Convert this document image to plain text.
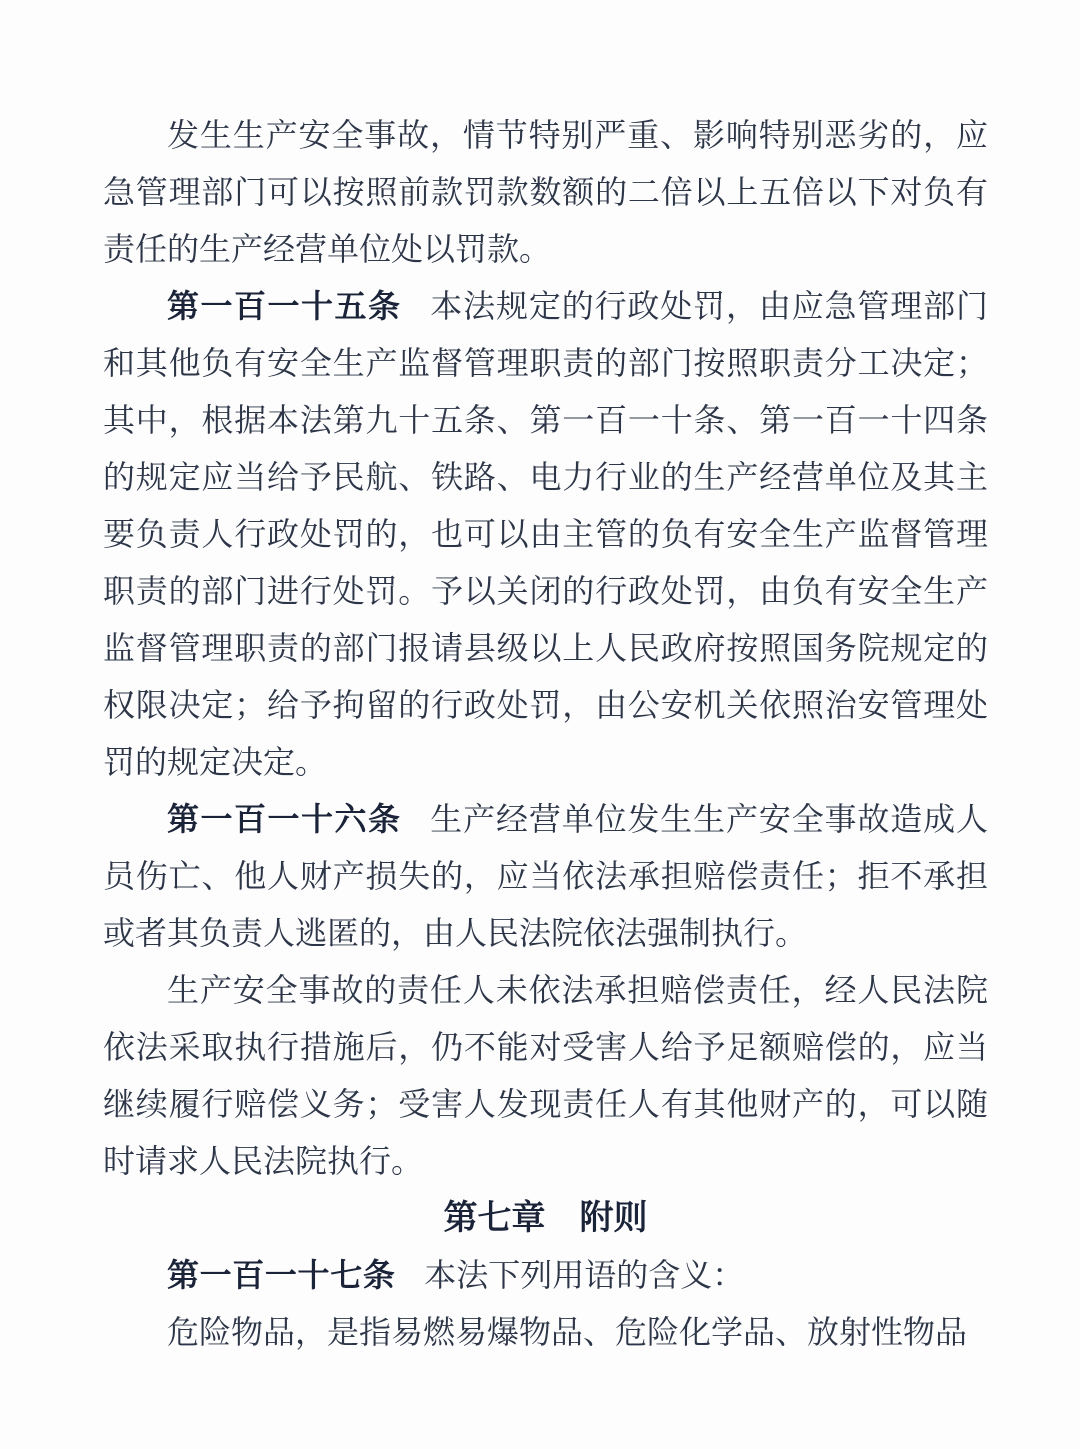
发生生产安全事故，情节特别严重、影响特别恶劣的，应急管理部门可以按照前款罚款数额的二倍以上五倍以下对负有责任的生产经营单位处以罚款。

第一百一十五条 本法规定的行政处罚，由应急管理部门和其他负有安全生产监督管理职责的部门按照职责分工决定；其中，根据本法第九十五条、第一百一十条、第一百一十四条的规定应当给予民航、铁路、电力行业的生产经营单位及其主要负责人行政处罚的，也可以由主管的负有安全生产监督管理职责的部门进行处罚。予以关闭的行政处罚，由负有安全生产监督管理职责的部门报请县级以上人民政府按照国务院规定的权限决定；给予拘留的行政处罚，由公安机关依照治安管理处罚的规定决定。

第一百一十六条 生产经营单位发生生产安全事故造成人员伤亡、他人财产损失的，应当依法承担赔偿责任；拒不承担或者其负责人逃匿的，由人民法院依法强制执行。

生产安全事故的责任人未依法承担赔偿责任，经人民法院依法采取执行措施后，仍不能对受害人给予足额赔偿的，应当继续履行赔偿义务；受害人发现责任人有其他财产的，可以随时请求人民法院执行。

第七章　附则

第一百一十七条 本法下列用语的含义：

危险物品，是指易燃易爆物品、危险化学品、放射性物品
